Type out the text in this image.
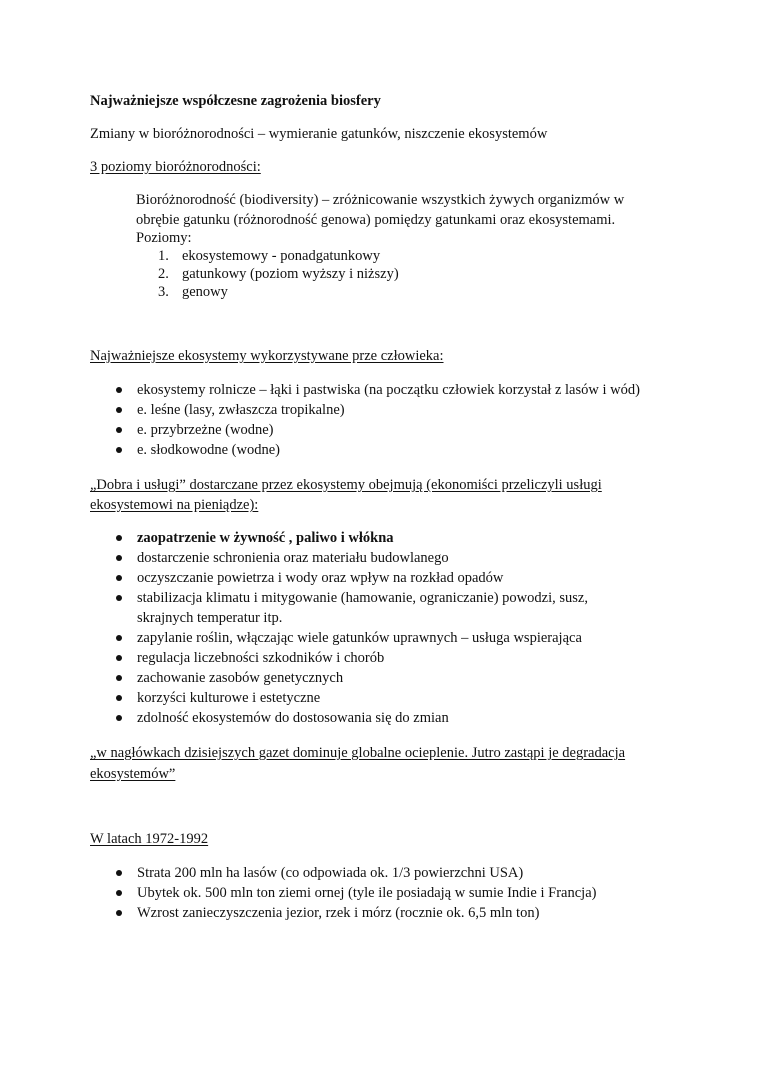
Najważniejsze współczesne zagrożenia biosfery

Zmiany w bioróżnorodności – wymieranie gatunków, niszczenie ekosystemów

3 poziomy bioróżnorodności:

Bioróżnorodność (biodiversity) – zróżnicowanie wszystkich żywych organizmów w

obrębie gatunku (różnorodność genowa) pomiędzy gatunkami oraz ekosystemami.

Poziomy:

1. ekosystemowy - ponadgatunkowy
2. gatunkowy (poziom wyższy i niższy)
3. genowy

Najważniejsze ekosystemy wykorzystywane prze człowieka:

ekosystemy rolnicze – łąki i pastwiska (na początku człowiek korzystał z lasów i wód)
e. leśne (lasy, zwłaszcza tropikalne)
e. przybrzeżne (wodne)
e. słodkowodne (wodne)

„Dobra i usługi” dostarczane przez ekosystemy obejmują (ekonomiści przeliczyli usługi

ekosystemowi na pieniądze):

zaopatrzenie w żywność , paliwo i włókna
dostarczenie schronienia oraz materiału budowlanego
oczyszczanie powietrza i wody oraz wpływ na rozkład opadów
stabilizacja klimatu i mitygowanie (hamowanie, ograniczanie) powodzi, susz,
skrajnych temperatur itp.
zapylanie roślin, włączając wiele gatunków uprawnych – usługa wspierająca
regulacja liczebności szkodników i chorób
zachowanie zasobów genetycznych
korzyści kulturowe i estetyczne
zdolność ekosystemów do dostosowania się do zmian

„w nagłówkach dzisiejszych gazet dominuje globalne ocieplenie. Jutro zastąpi je degradacja

ekosystemów”

W latach 1972-1992

Strata 200 mln ha lasów (co odpowiada ok. 1/3 powierzchni USA)
Ubytek ok. 500 mln ton ziemi ornej (tyle ile posiadają w sumie Indie i Francja)
Wzrost zanieczyszczenia jezior, rzek i mórz (rocznie ok. 6,5 mln ton)
